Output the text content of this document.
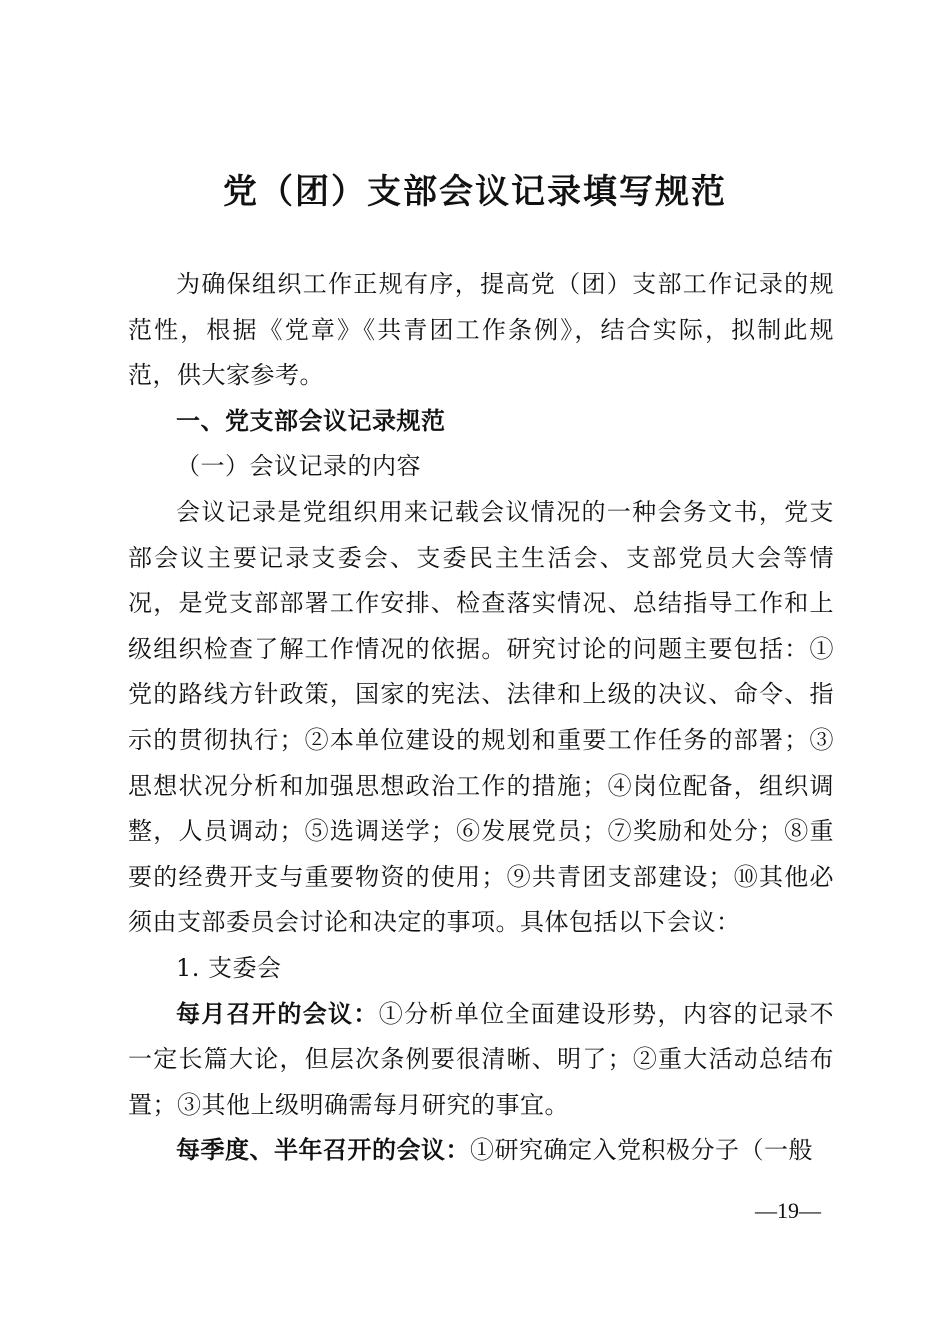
党（团）支部会议记录填写规范

为确保组织工作正规有序，提高党（团）支部工作记录的规范性，根据《党章》《共青团工作条例》，结合实际，拟制此规范，供大家参考。

一、党支部会议记录规范

（一）会议记录的内容

会议记录是党组织用来记载会议情况的一种会务文书，党支部会议主要记录支委会、支委民主生活会、支部党员大会等情况，是党支部部署工作安排、检查落实情况、总结指导工作和上级组织检查了解工作情况的依据。研究讨论的问题主要包括：①党的路线方针政策，国家的宪法、法律和上级的决议、命令、指示的贯彻执行；②本单位建设的规划和重要工作任务的部署；③思想状况分析和加强思想政治工作的措施；④岗位配备，组织调整，人员调动；⑤选调送学；⑥发展党员；⑦奖励和处分；⑧重要的经费开支与重要物资的使用；⑨共青团支部建设；⑩其他必须由支部委员会讨论和决定的事项。具体包括以下会议：

1. 支委会

每月召开的会议：①分析单位全面建设形势，内容的记录不一定长篇大论，但层次条例要很清晰、明了；②重大活动总结布置；③其他上级明确需每月研究的事宜。

每季度、半年召开的会议：①研究确定入党积极分子（一般

—19—
